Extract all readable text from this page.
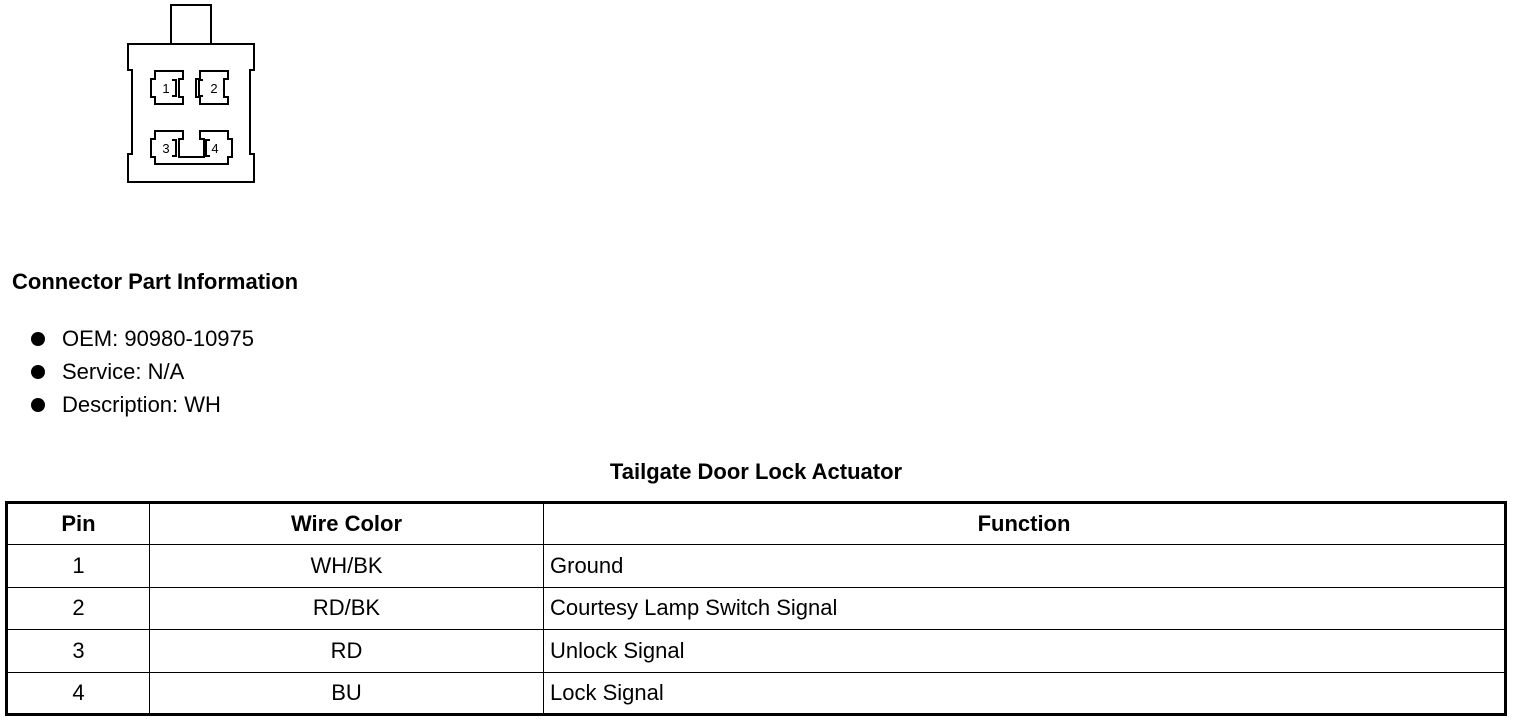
1	2
3	4
Connector Part Information
OEM: 90980-10975
Service: N/A
Description: WH
Tailgate Door Lock Actuator
Pin	Wire Color	Function
1	WH/BK	Ground
2	RD/BK	Courtesy Lamp Switch Signal
3	RD	Unlock Signal
4	BU	Lock Signal
